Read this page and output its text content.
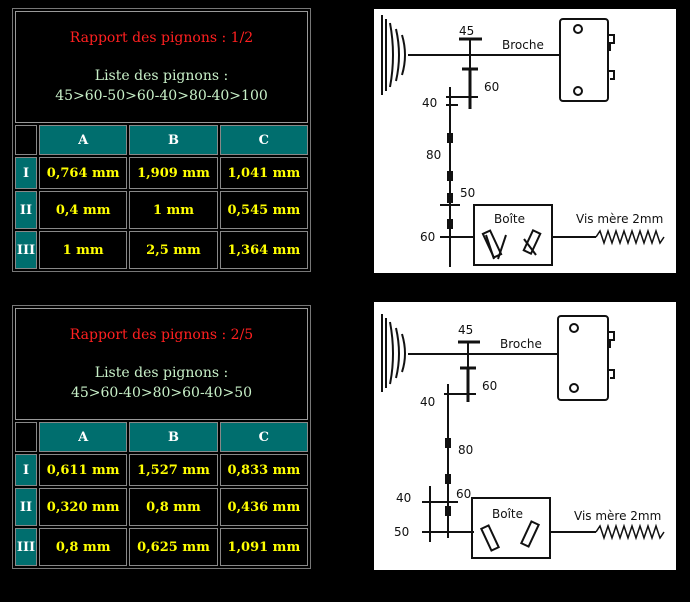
Rapport des pignons : 1/2
Liste des pignons :
45>60-50>60-40>80-40>100			

	A	B	C
I	0,764 mm	1,909 mm	1,041 mm
II	0,4 mm	1 mm	0,545 mm
III	1 mm	2,5 mm	1,364 mm
45
60
40
80
50
60
Broche
Boîte	Vis mère 2mm
Rapport des pignons : 2/5
Liste des pignons :
45>60-40>80>60-40>50			

	A	B	C
I	0,611 mm	1,527 mm	0,833 mm
II	0,320 mm	0,8 mm	0,436 mm
III	0,8 mm	0,625 mm	1,091 mm
45
60
40
80
40	60
50
Broche
Boîte	Vis mère 2mm
